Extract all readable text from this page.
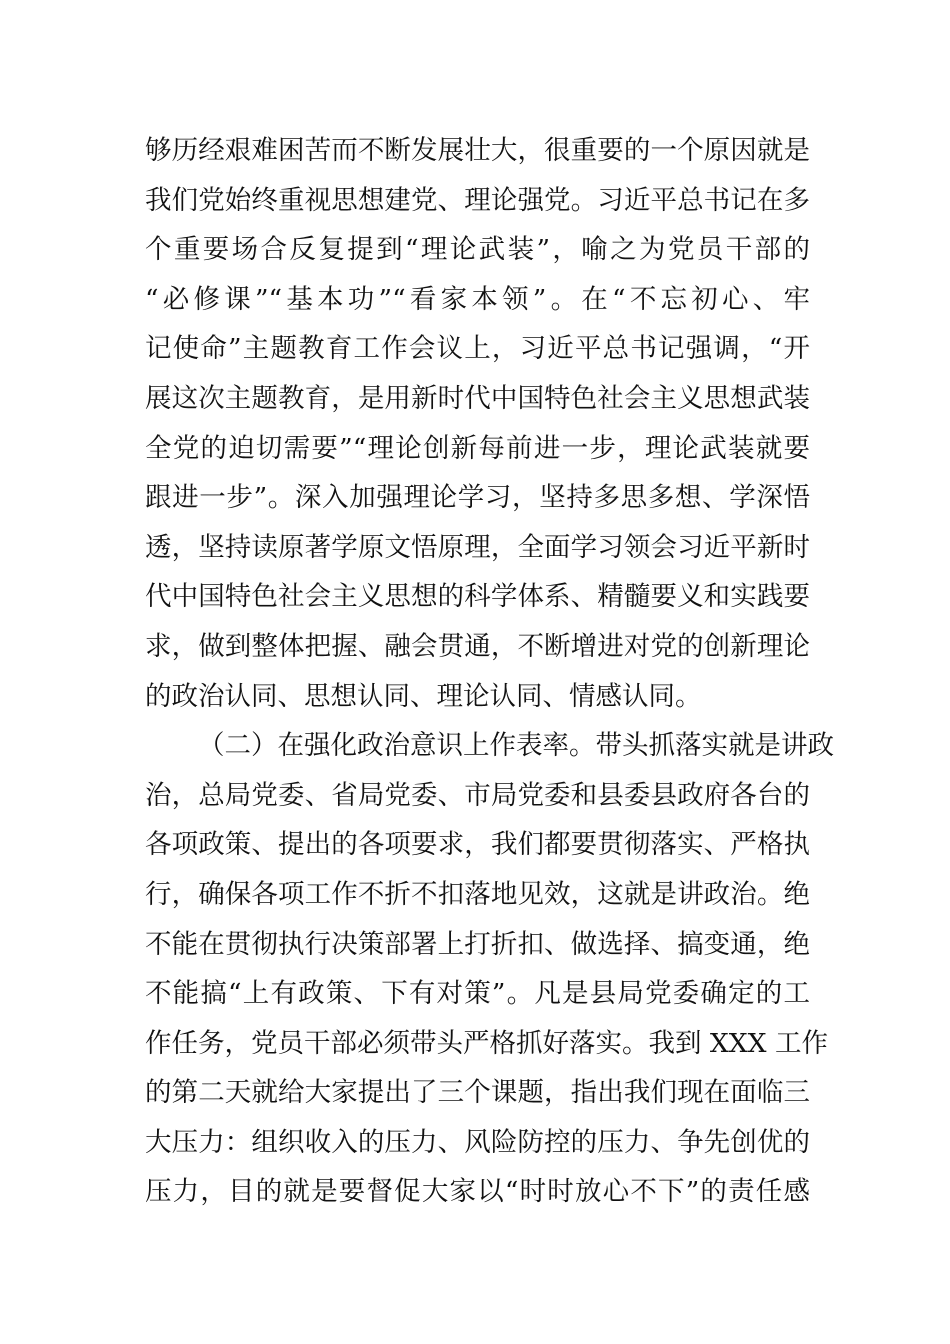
够历经艰难困苦而不断发展壮大，很重要的一个原因就是
我们党始终重视思想建党、理论强党。习近平总书记在多
个重要场合反复提到“理论武装”，喻之为党员干部的
“必修课”“基本功”“看家本领”。在“不忘初心、牢
记使命”主题教育工作会议上，习近平总书记强调，“开
展这次主题教育，是用新时代中国特色社会主义思想武装
全党的迫切需要”“理论创新每前进一步，理论武装就要
跟进一步”。深入加强理论学习，坚持多思多想、学深悟
透，坚持读原著学原文悟原理，全面学习领会习近平新时
代中国特色社会主义思想的科学体系、精髓要义和实践要
求，做到整体把握、融会贯通，不断增进对党的创新理论
的政治认同、思想认同、理论认同、情感认同。
（二）在强化政治意识上作表率。带头抓落实就是讲政
治，总局党委、省局党委、市局党委和县委县政府各台的
各项政策、提出的各项要求，我们都要贯彻落实、严格执
行，确保各项工作不折不扣落地见效，这就是讲政治。绝
不能在贯彻执行决策部署上打折扣、做选择、搞变通，绝
不能搞“上有政策、下有对策”。凡是县局党委确定的工
作任务，党员干部必须带头严格抓好落实。我到 XXX 工作
的第二天就给大家提出了三个课题，指出我们现在面临三
大压力：组织收入的压力、风险防控的压力、争先创优的
压力，目的就是要督促大家以“时时放心不下”的责任感
